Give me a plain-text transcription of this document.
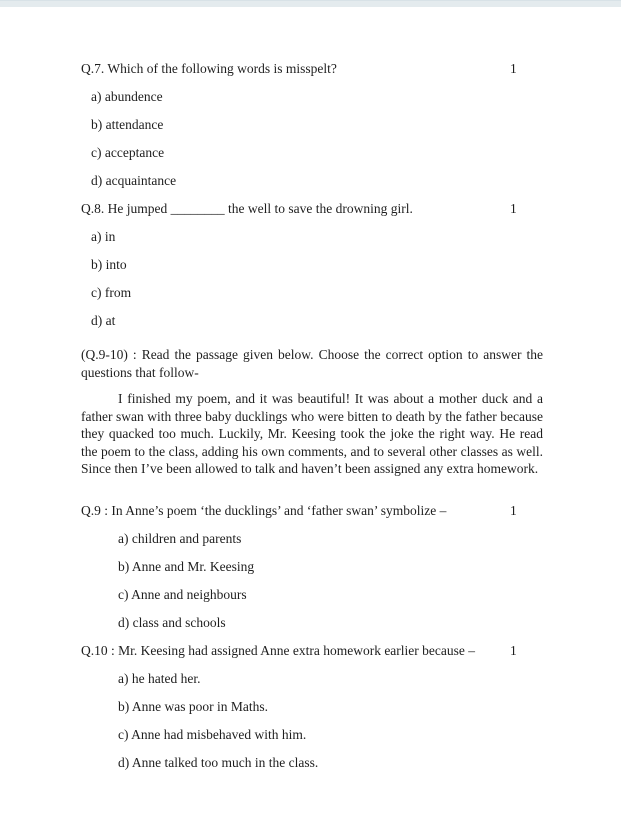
Q.7. Which of the following words is misspelt?	1
a) abundence
b) attendance
c) acceptance
d) acquaintance
Q.8. He jumped ________ the well to save the drowning girl.	1
a) in
b) into
c) from
d) at

(Q.9-10) : Read the passage given below. Choose the correct option to answer the questions that follow-

I finished my poem, and it was beautiful! It was about a mother duck and a father swan with three baby ducklings who were bitten to death by the father because they quacked too much. Luckily, Mr. Keesing took the joke the right way. He read the poem to the class, adding his own comments, and to several other classes as well. Since then I’ve been allowed to talk and haven’t been assigned any extra homework.

Q.9 : In Anne’s poem ‘the ducklings’ and ‘father swan’ symbolize –	1
a) children and parents
b) Anne and Mr. Keesing
c) Anne and neighbours
d) class and schools
Q.10 : Mr. Keesing had assigned Anne extra homework earlier because –	1
a) he hated her.
b) Anne was poor in Maths.
c) Anne had misbehaved with him.
d) Anne talked too much in the class.
